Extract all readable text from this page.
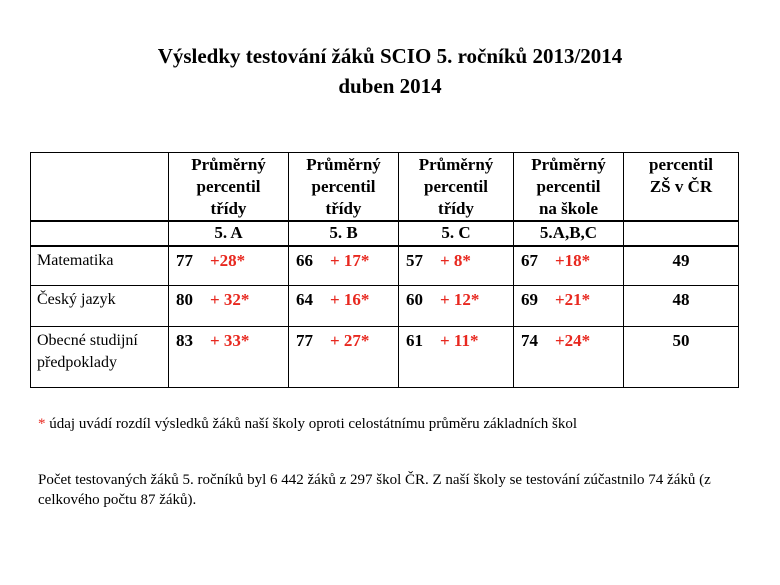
Výsledky testování žáků SCIO 5. ročníků 2013/2014
duben 2014
	Průměrný
percentil
třídy	Průměrný
percentil
třídy	Průměrný
percentil
třídy	Průměrný
percentil
na škole	percentil
ZŠ v ČR

	5. A	5. B	5. C	5.A,B,C	
Matematika	77 +28*	66 + 17*	57 + 8*	67 +18*	49
Český jazyk	80 + 32*	64 + 16*	60 + 12*	69 +21*	48
Obecné studijní předpoklady	83 + 33*	77 + 27*	61 + 11*	74 +24*	50
* údaj uvádí rozdíl výsledků žáků naší školy oproti celostátnímu průměru základních škol
Počet testovaných žáků 5. ročníků byl 6 442 žáků z 297 škol ČR. Z naší školy se testování zúčastnilo 74 žáků (z celkového počtu 87 žáků).
